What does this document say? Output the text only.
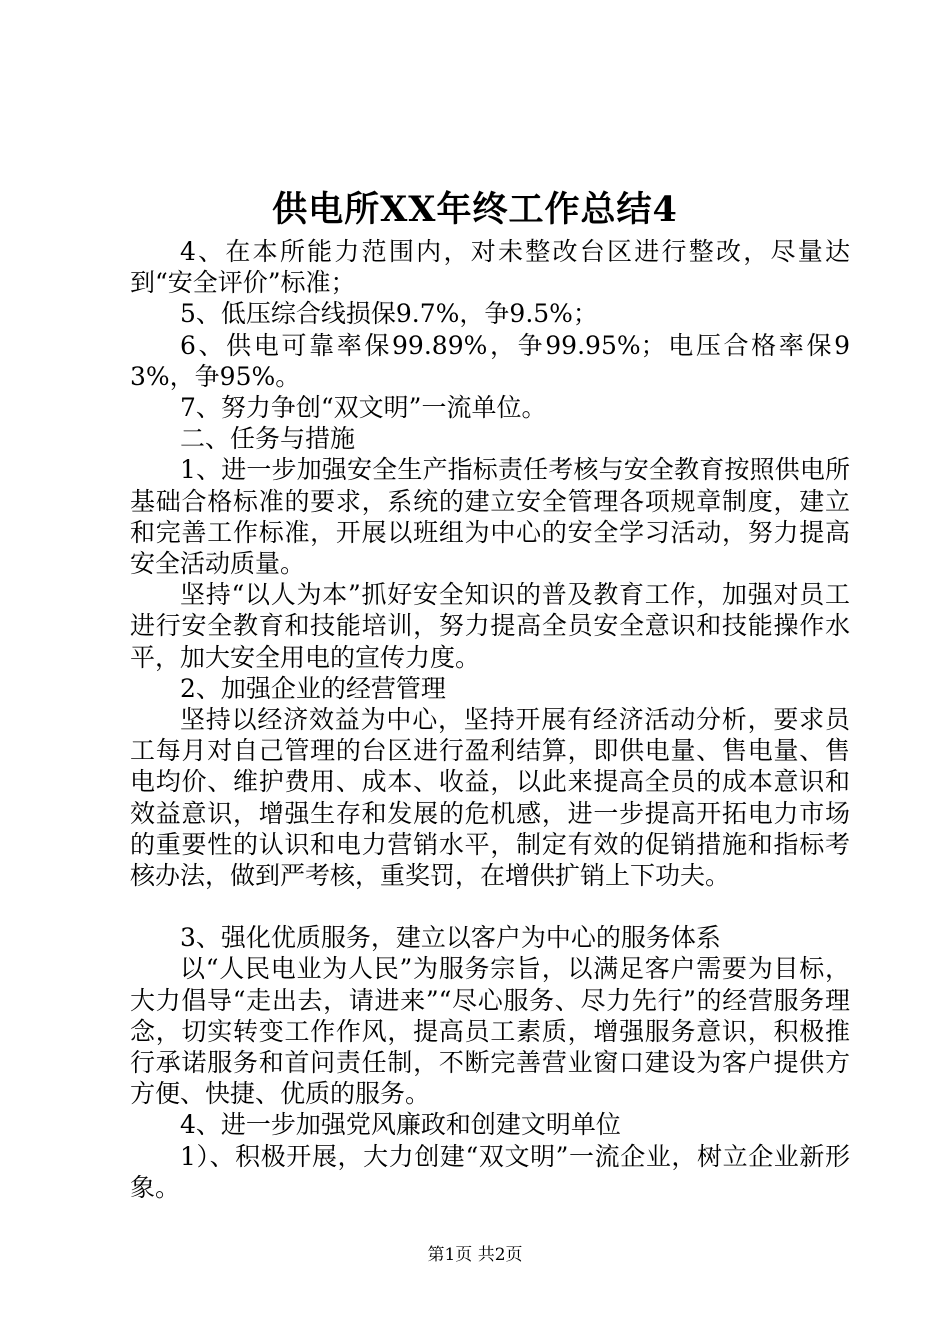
供电所XX年终工作总结4

4、在本所能力范围内，对未整改台区进行整改，尽量达到“安全评价”标准；

5、低压综合线损保9.7%，争9.5%；

6、供电可靠率保99.89%，争99.95%；电压合格率保93%，争95%。

7、努力争创“双文明”一流单位。

二、任务与措施

1、进一步加强安全生产指标责任考核与安全教育按照供电所基础合格标准的要求，系统的建立安全管理各项规章制度，建立和完善工作标准，开展以班组为中心的安全学习活动，努力提高安全活动质量。

坚持“以人为本”抓好安全知识的普及教育工作，加强对员工进行安全教育和技能培训，努力提高全员安全意识和技能操作水平，加大安全用电的宣传力度。

2、加强企业的经营管理

坚持以经济效益为中心，坚持开展有经济活动分析，要求员工每月对自己管理的台区进行盈利结算，即供电量、售电量、售电均价、维护费用、成本、收益，以此来提高全员的成本意识和效益意识，增强生存和发展的危机感，进一步提高开拓电力市场的重要性的认识和电力营销水平，制定有效的促销措施和指标考核办法，做到严考核，重奖罚，在增供扩销上下功夫。

3、强化优质服务，建立以客户为中心的服务体系

以“人民电业为人民”为服务宗旨，以满足客户需要为目标，大力倡导“走出去，请进来”“尽心服务、尽力先行”的经营服务理念，切实转变工作作风，提高员工素质，增强服务意识，积极推行承诺服务和首问责任制，不断完善营业窗口建设为客户提供方方便、快捷、优质的服务。

4、进一步加强党风廉政和创建文明单位

1）、积极开展，大力创建“双文明”一流企业，树立企业新形象。

第1页 共2页
